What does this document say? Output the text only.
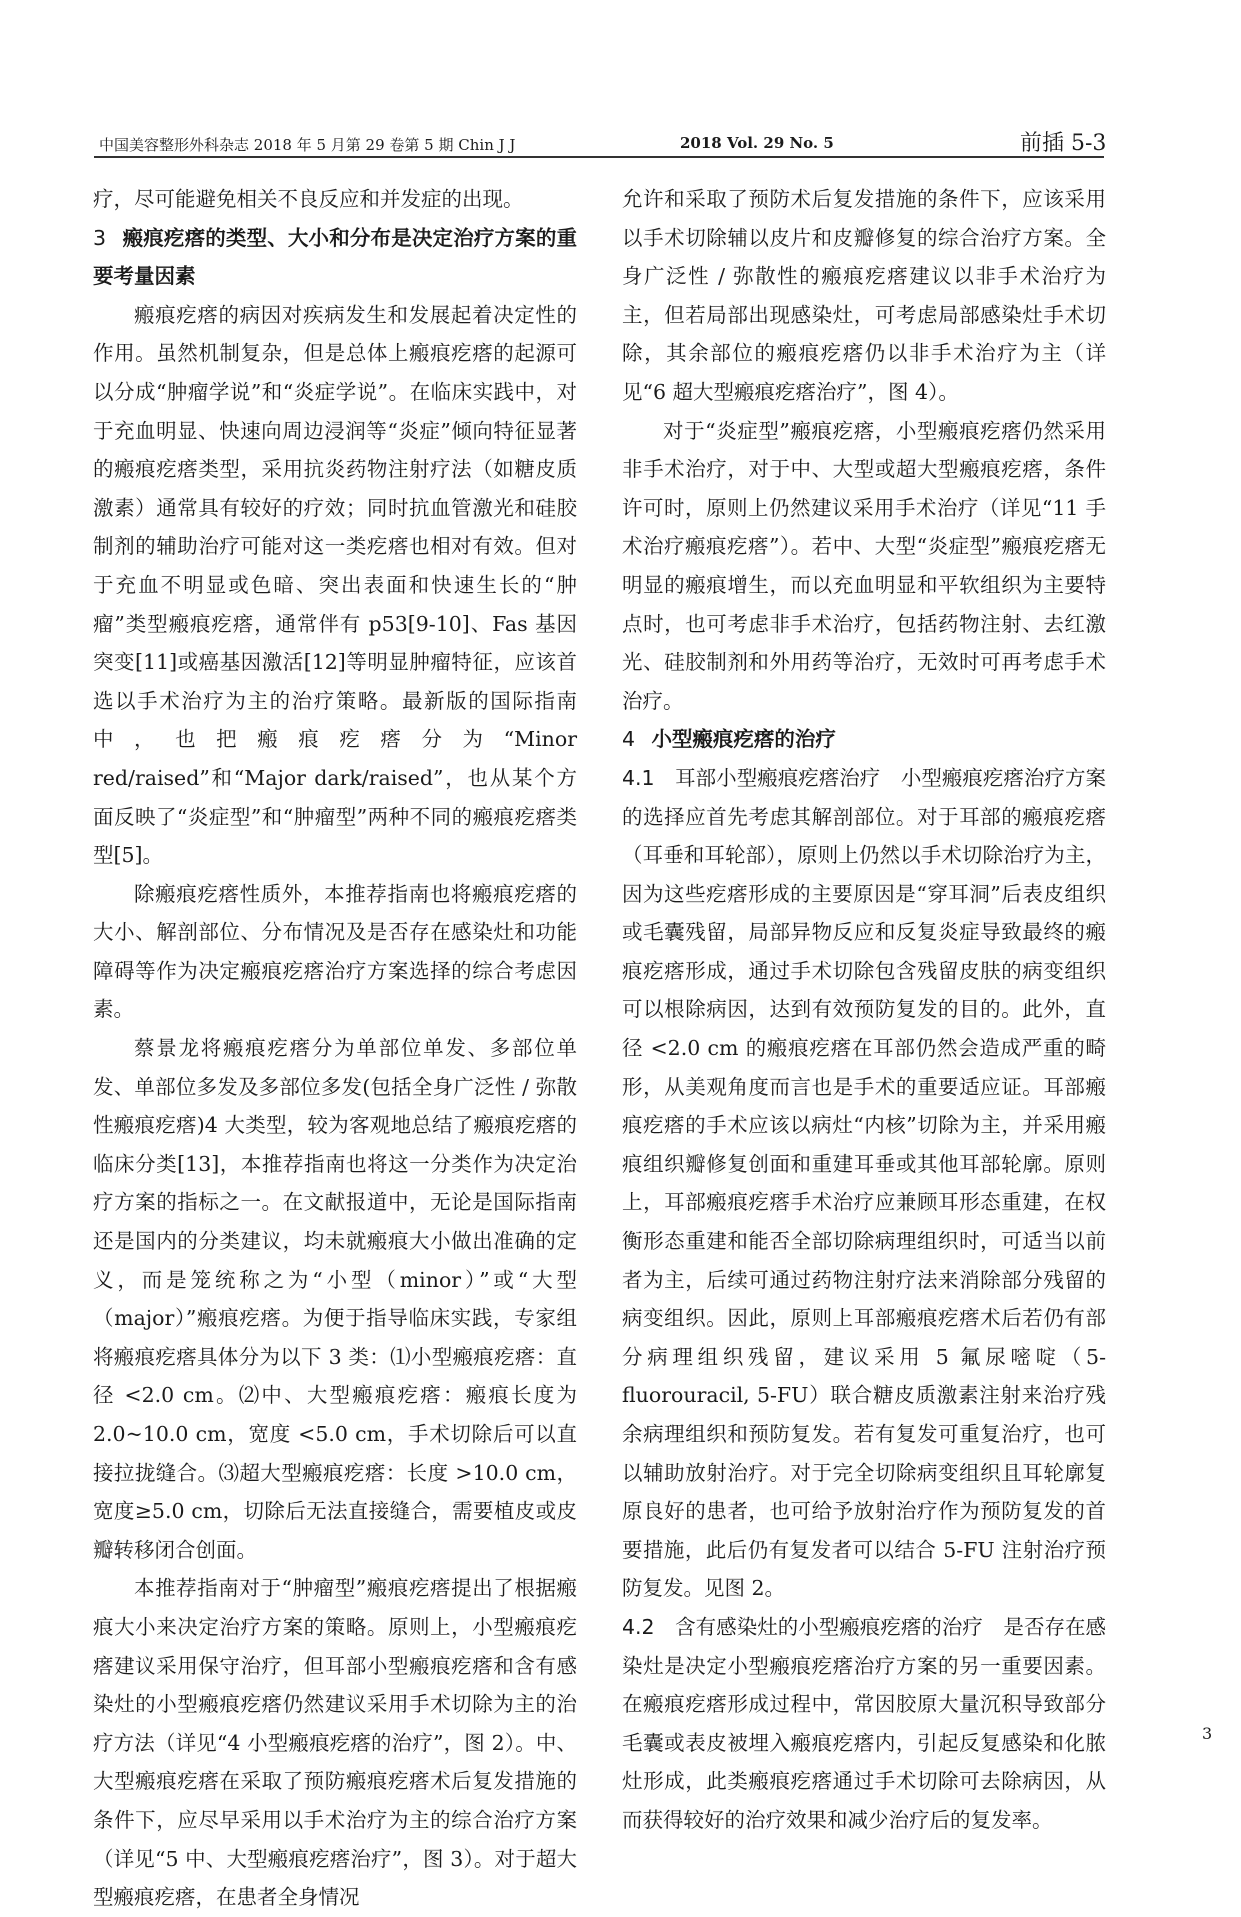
中国美容整形外科杂志 2018 年 5 月第 29 卷第 5 期 Chin J J	2018 Vol. 29 No. 5	前插 5-3

疗，尽可能避免相关不良反应和并发症的出现。

3 瘢痕疙瘩的类型、大小和分布是决定治疗方案的重要考量因素

瘢痕疙瘩的病因对疾病发生和发展起着决定性的作用。虽然机制复杂，但是总体上瘢痕疙瘩的起源可以分成“肿瘤学说”和“炎症学说”。在临床实践中，对于充血明显、快速向周边浸润等“炎症”倾向特征显著的瘢痕疙瘩类型，采用抗炎药物注射疗法（如糖皮质激素）通常具有较好的疗效；同时抗血管激光和硅胶制剂的辅助治疗可能对这一类疙瘩也相对有效。但对于充血不明显或色暗、突出表面和快速生长的“肿瘤”类型瘢痕疙瘩，通常伴有 p53[9-10]、Fas 基因突变[11]或癌基因激活[12]等明显肿瘤特征，应该首选以手术治疗为主的治疗策略。最新版的国际指南中，也把瘢痕疙瘩分为“Minor red/raised”和“Major dark/raised”，也从某个方面反映了“炎症型”和“肿瘤型”两种不同的瘢痕疙瘩类型[5]。

除瘢痕疙瘩性质外，本推荐指南也将瘢痕疙瘩的大小、解剖部位、分布情况及是否存在感染灶和功能障碍等作为决定瘢痕疙瘩治疗方案选择的综合考虑因素。

蔡景龙将瘢痕疙瘩分为单部位单发、多部位单发、单部位多发及多部位多发(包括全身广泛性 / 弥散性瘢痕疙瘩)4 大类型，较为客观地总结了瘢痕疙瘩的临床分类[13]，本推荐指南也将这一分类作为决定治疗方案的指标之一。在文献报道中，无论是国际指南还是国内的分类建议，均未就瘢痕大小做出准确的定义，而是笼统称之为“小型（minor）”或“大型（major）”瘢痕疙瘩。为便于指导临床实践，专家组将瘢痕疙瘩具体分为以下 3 类：⑴小型瘢痕疙瘩：直径 <2.0 cm。⑵中、大型瘢痕疙瘩：瘢痕长度为 2.0~10.0 cm，宽度 <5.0 cm，手术切除后可以直接拉拢缝合。⑶超大型瘢痕疙瘩：长度 >10.0 cm，宽度≥5.0 cm，切除后无法直接缝合，需要植皮或皮瓣转移闭合创面。

本推荐指南对于“肿瘤型”瘢痕疙瘩提出了根据瘢痕大小来决定治疗方案的策略。原则上，小型瘢痕疙瘩建议采用保守治疗，但耳部小型瘢痕疙瘩和含有感染灶的小型瘢痕疙瘩仍然建议采用手术切除为主的治疗方法（详见“4 小型瘢痕疙瘩的治疗”，图 2）。中、大型瘢痕疙瘩在采取了预防瘢痕疙瘩术后复发措施的条件下，应尽早采用以手术治疗为主的综合治疗方案（详见“5 中、大型瘢痕疙瘩治疗”，图 3）。对于超大型瘢痕疙瘩，在患者全身情况

允许和采取了预防术后复发措施的条件下，应该采用以手术切除辅以皮片和皮瓣修复的综合治疗方案。全身广泛性 / 弥散性的瘢痕疙瘩建议以非手术治疗为主，但若局部出现感染灶，可考虑局部感染灶手术切除，其余部位的瘢痕疙瘩仍以非手术治疗为主（详见“6 超大型瘢痕疙瘩治疗”，图 4）。

对于“炎症型”瘢痕疙瘩，小型瘢痕疙瘩仍然采用非手术治疗，对于中、大型或超大型瘢痕疙瘩，条件许可时，原则上仍然建议采用手术治疗（详见“11 手术治疗瘢痕疙瘩”）。若中、大型“炎症型”瘢痕疙瘩无明显的瘢痕增生，而以充血明显和平软组织为主要特点时，也可考虑非手术治疗，包括药物注射、去红激光、硅胶制剂和外用药等治疗，无效时可再考虑手术治疗。

4 小型瘢痕疙瘩的治疗

4.1　耳部小型瘢痕疙瘩治疗 小型瘢痕疙瘩治疗方案的选择应首先考虑其解剖部位。对于耳部的瘢痕疙瘩（耳垂和耳轮部），原则上仍然以手术切除治疗为主，因为这些疙瘩形成的主要原因是“穿耳洞”后表皮组织或毛囊残留，局部异物反应和反复炎症导致最终的瘢痕疙瘩形成，通过手术切除包含残留皮肤的病变组织可以根除病因，达到有效预防复发的目的。此外，直径 <2.0 cm 的瘢痕疙瘩在耳部仍然会造成严重的畸形，从美观角度而言也是手术的重要适应证。耳部瘢痕疙瘩的手术应该以病灶“内核”切除为主，并采用瘢痕组织瓣修复创面和重建耳垂或其他耳部轮廓。原则上，耳部瘢痕疙瘩手术治疗应兼顾耳形态重建，在权衡形态重建和能否全部切除病理组织时，可适当以前者为主，后续可通过药物注射疗法来消除部分残留的病变组织。因此，原则上耳部瘢痕疙瘩术后若仍有部分病理组织残留，建议采用 5 氟尿嘧啶（5-fluorouracil, 5-FU）联合糖皮质激素注射来治疗残余病理组织和预防复发。若有复发可重复治疗，也可以辅助放射治疗。对于完全切除病变组织且耳轮廓复原良好的患者，也可给予放射治疗作为预防复发的首要措施，此后仍有复发者可以结合 5-FU 注射治疗预防复发。见图 2。

4.2　含有感染灶的小型瘢痕疙瘩的治疗 是否存在感染灶是决定小型瘢痕疙瘩治疗方案的另一重要因素。在瘢痕疙瘩形成过程中，常因胶原大量沉积导致部分毛囊或表皮被埋入瘢痕疙瘩内，引起反复感染和化脓灶形成，此类瘢痕疙瘩通过手术切除可去除病因，从而获得较好的治疗效果和减少治疗后的复发率。

3
